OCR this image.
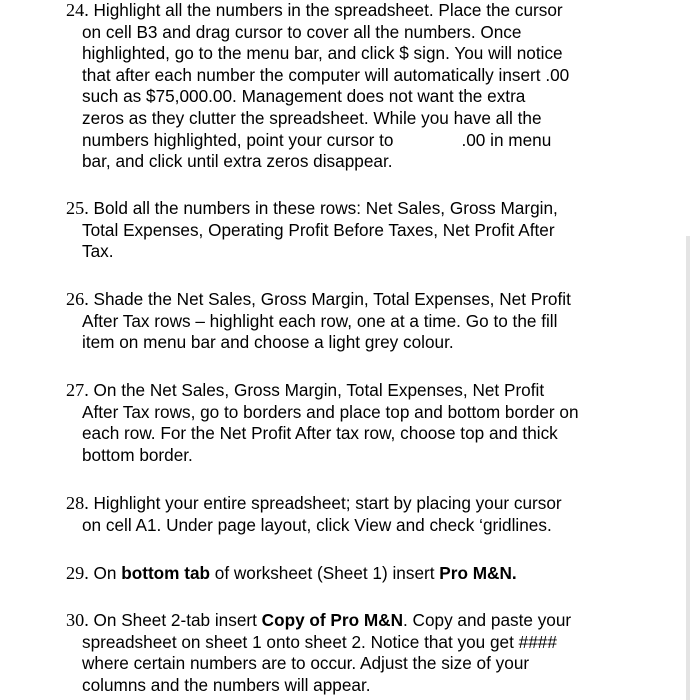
24. Highlight all the numbers in the spreadsheet. Place the cursor
on cell B3 and drag cursor to cover all the numbers. Once
highlighted, go to the menu bar, and click $ sign. You will notice
that after each number the computer will automatically insert .00
such as $75,000.00. Management does not want the extra
zeros as they clutter the spreadsheet. While you have all the
numbers highlighted, point your cursor to	.00 in menu
bar, and click until extra zeros disappear.
25. Bold all the numbers in these rows: Net Sales, Gross Margin,
Total Expenses, Operating Profit Before Taxes, Net Profit After
Tax.
26. Shade the Net Sales, Gross Margin, Total Expenses, Net Profit
After Tax rows – highlight each row, one at a time. Go to the fill
item on menu bar and choose a light grey colour.
27. On the Net Sales, Gross Margin, Total Expenses, Net Profit
After Tax rows, go to borders and place top and bottom border on
each row. For the Net Profit After tax row, choose top and thick
bottom border.
28. Highlight your entire spreadsheet; start by placing your cursor
on cell A1. Under page layout, click View and check ‘gridlines.
29. On bottom tab of worksheet (Sheet 1) insert Pro M&N.
30. On Sheet 2-tab insert Copy of Pro M&N. Copy and paste your
spreadsheet on sheet 1 onto sheet 2. Notice that you get ####
where certain numbers are to occur. Adjust the size of your
columns and the numbers will appear.
